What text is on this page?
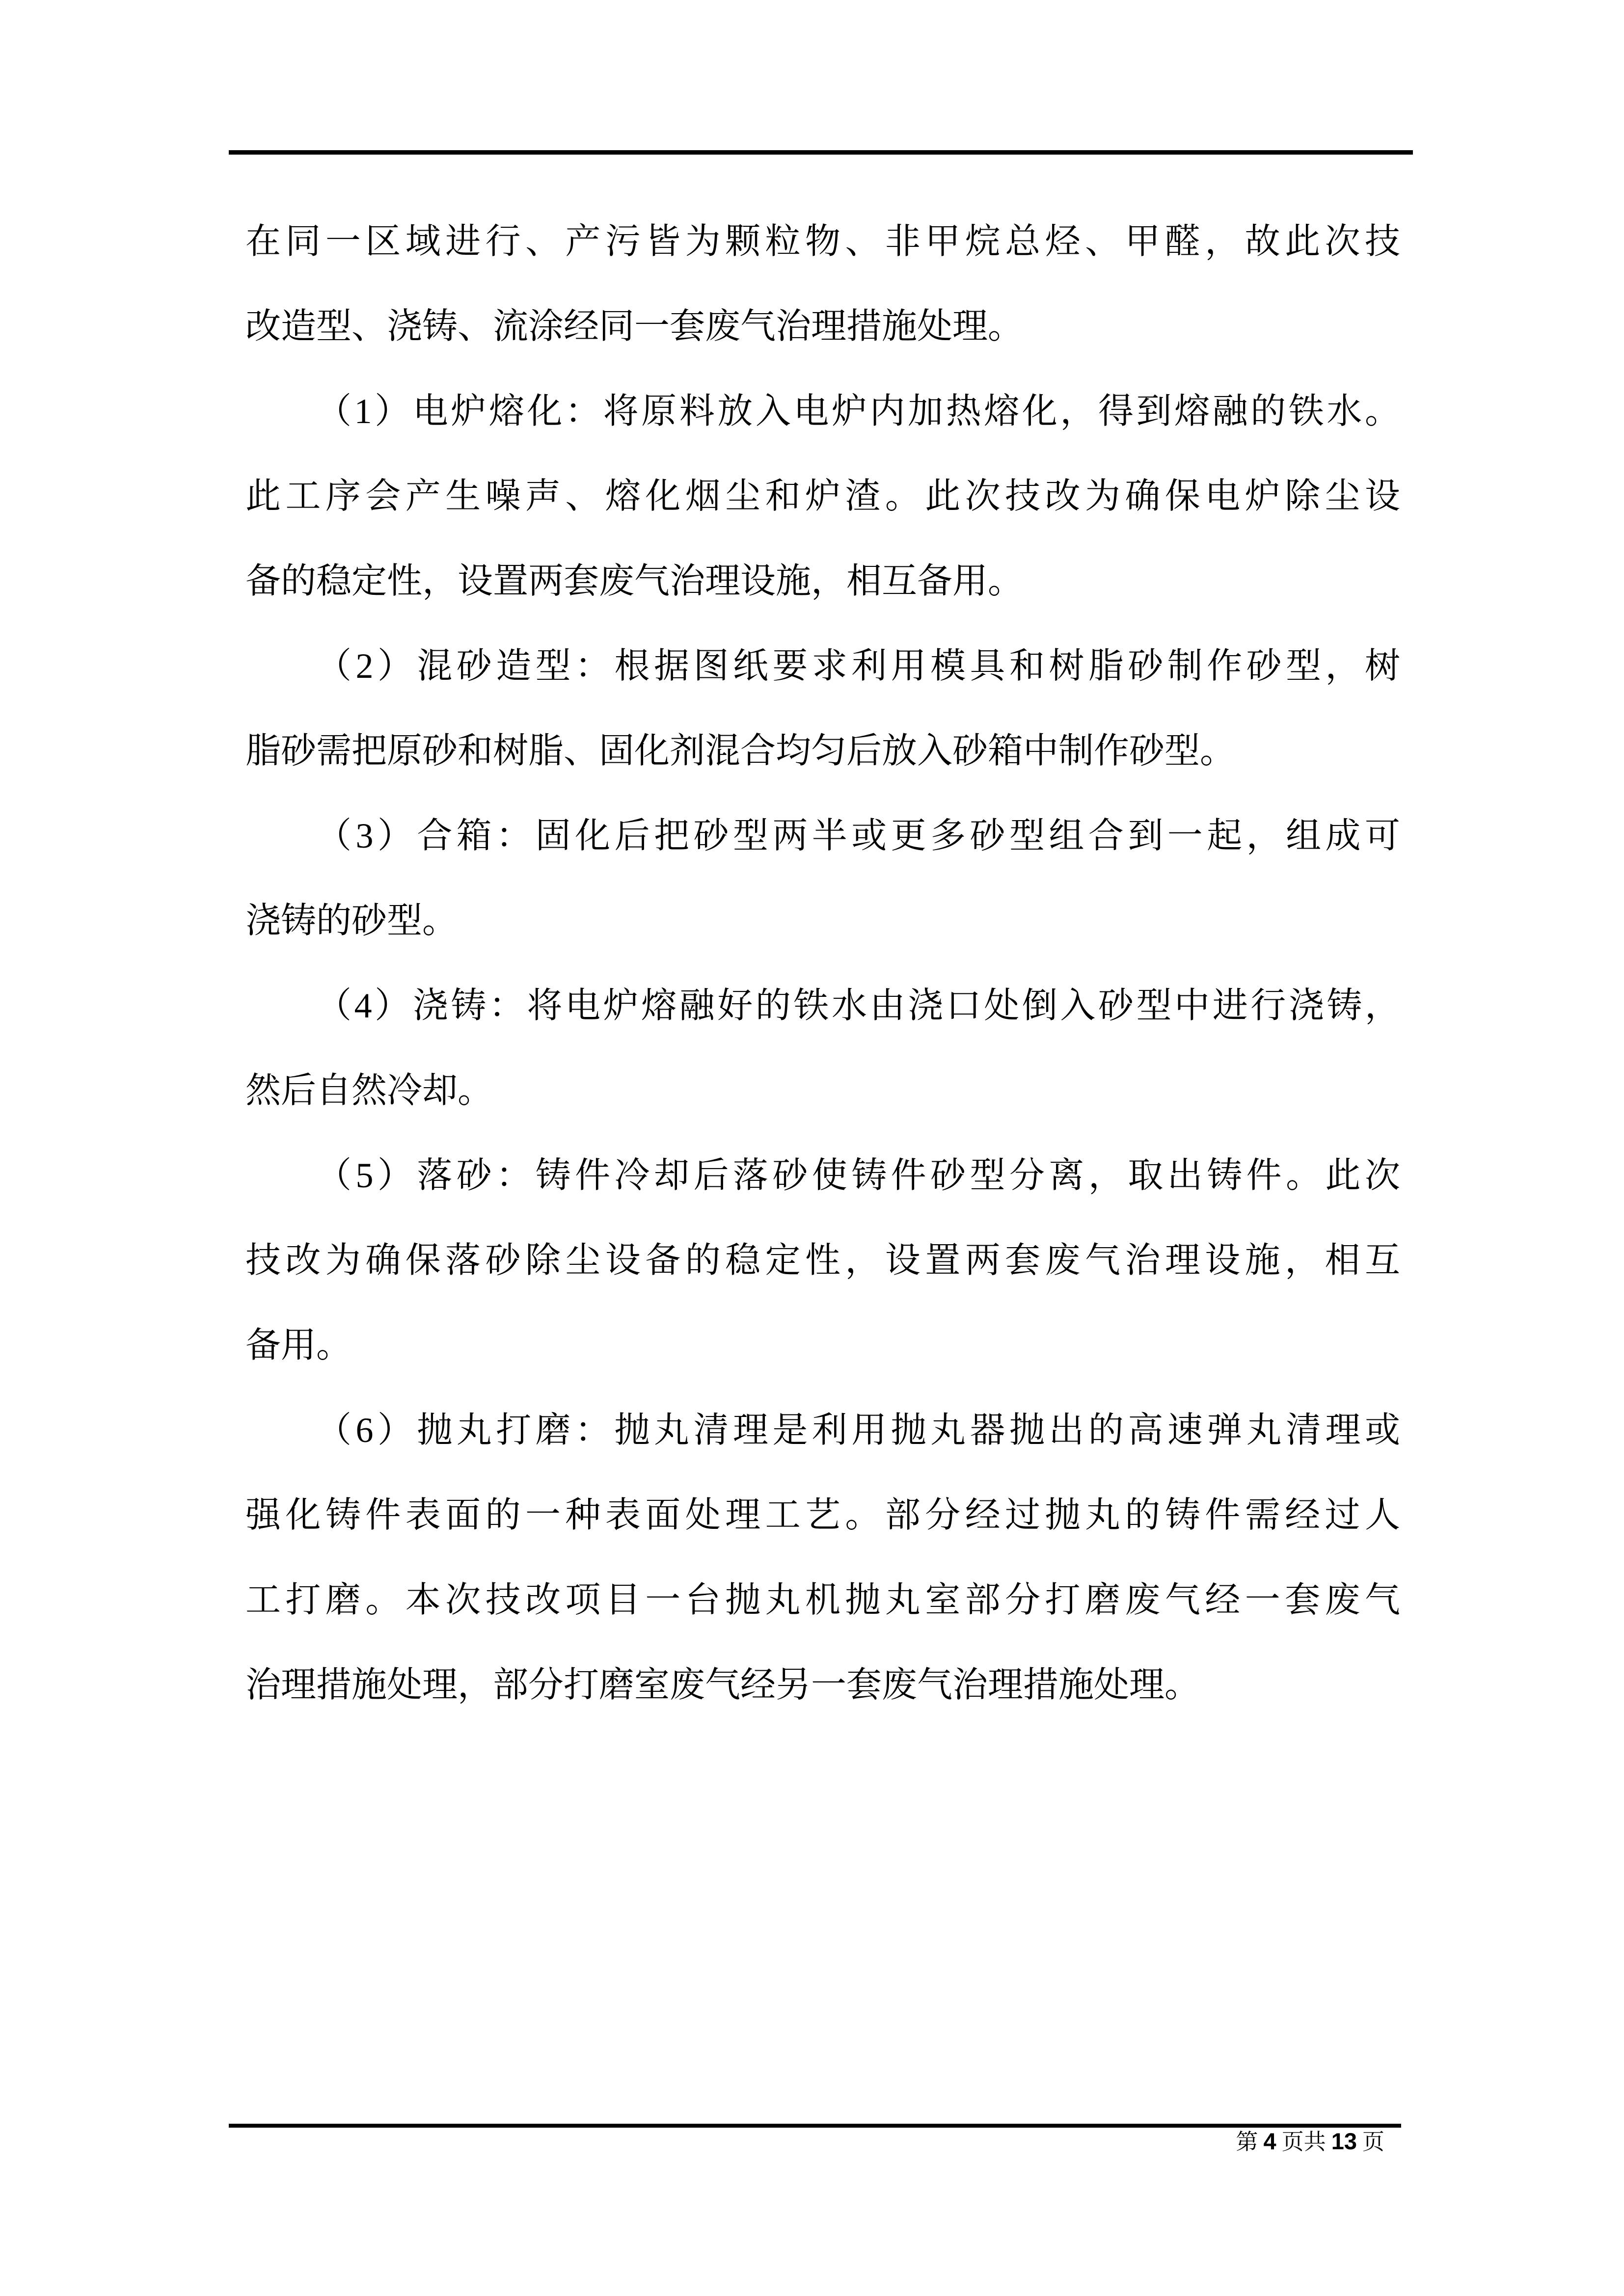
在同一区域进行、产污皆为颗粒物、非甲烷总烃、甲醛，故此次技
改造型、浇铸、流涂经同一套废气治理措施处理。
（1）电炉熔化：将原料放入电炉内加热熔化，得到熔融的铁水。
此工序会产生噪声、熔化烟尘和炉渣。此次技改为确保电炉除尘设
备的稳定性，设置两套废气治理设施，相互备用。
（2）混砂造型：根据图纸要求利用模具和树脂砂制作砂型，树
脂砂需把原砂和树脂、固化剂混合均匀后放入砂箱中制作砂型。
（3）合箱：固化后把砂型两半或更多砂型组合到一起，组成可
浇铸的砂型。
（4）浇铸：将电炉熔融好的铁水由浇口处倒入砂型中进行浇铸，
然后自然冷却。
（5）落砂：铸件冷却后落砂使铸件砂型分离，取出铸件。此次
技改为确保落砂除尘设备的稳定性，设置两套废气治理设施，相互
备用。
（6）抛丸打磨：抛丸清理是利用抛丸器抛出的高速弹丸清理或
强化铸件表面的一种表面处理工艺。部分经过抛丸的铸件需经过人
工打磨。本次技改项目一台抛丸机抛丸室部分打磨废气经一套废气
治理措施处理，部分打磨室废气经另一套废气治理措施处理。
第 4 页共 13 页
